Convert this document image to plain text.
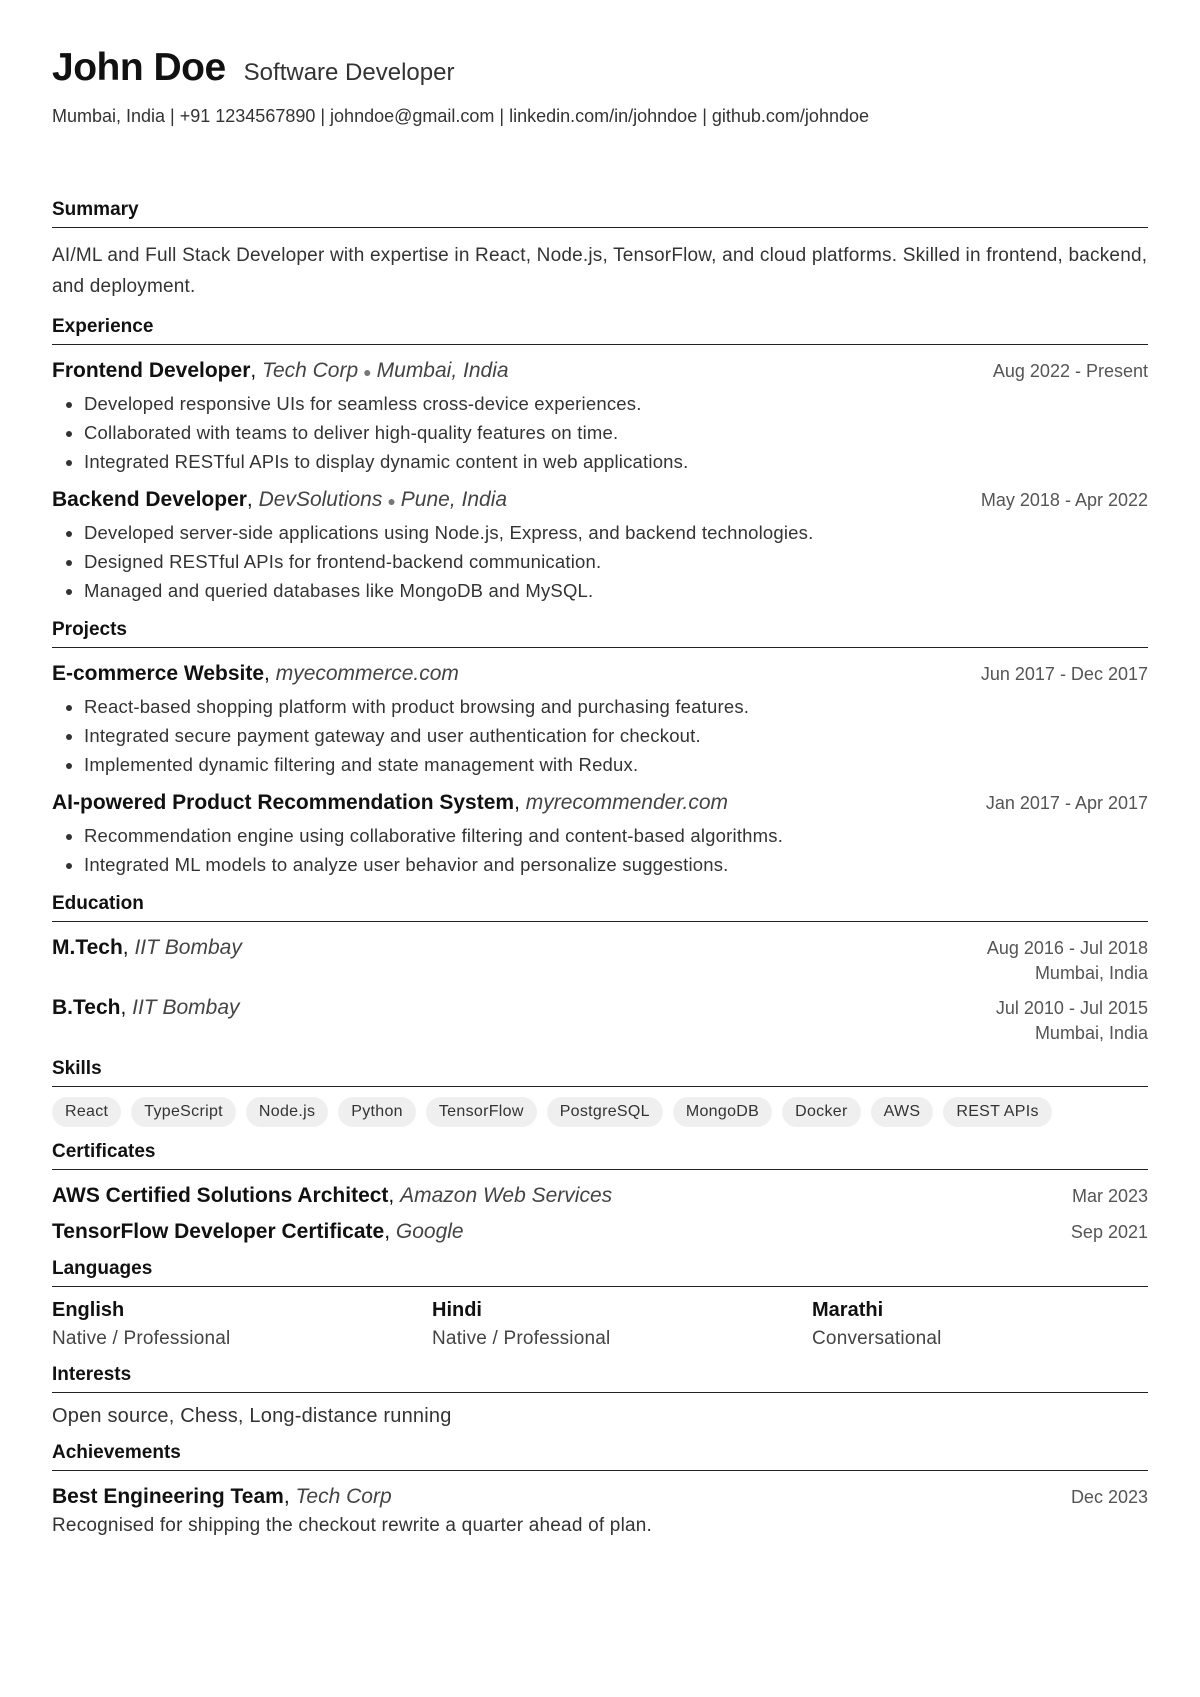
John Doe Software Developer
Mumbai, India | +91 1234567890 | johndoe@gmail.com | linkedin.com/in/johndoe | github.com/johndoe
Summary
AI/ML and Full Stack Developer with expertise in React, Node.js, TensorFlow, and cloud platforms. Skilled in frontend, backend, and deployment.
Experience
Frontend Developer, Tech Corp ● Mumbai, India	Aug 2022 - Present
• Developed responsive UIs for seamless cross-device experiences.
• Collaborated with teams to deliver high-quality features on time.
• Integrated RESTful APIs to display dynamic content in web applications.
Backend Developer, DevSolutions ● Pune, India	May 2018 - Apr 2022
• Developed server-side applications using Node.js, Express, and backend technologies.
• Designed RESTful APIs for frontend-backend communication.
• Managed and queried databases like MongoDB and MySQL.
Projects
E-commerce Website, myecommerce.com	Jun 2017 - Dec 2017
• React-based shopping platform with product browsing and purchasing features.
• Integrated secure payment gateway and user authentication for checkout.
• Implemented dynamic filtering and state management with Redux.
AI-powered Product Recommendation System, myrecommender.com	Jan 2017 - Apr 2017
• Recommendation engine using collaborative filtering and content-based algorithms.
• Integrated ML models to analyze user behavior and personalize suggestions.
Education
M.Tech, IIT Bombay	Aug 2016 - Jul 2018
Mumbai, India
B.Tech, IIT Bombay	Jul 2010 - Jul 2015
Mumbai, India
Skills
React	TypeScript	Node.js	Python	TensorFlow	PostgreSQL	MongoDB	Docker	AWS	REST APIs
Certificates
AWS Certified Solutions Architect, Amazon Web Services	Mar 2023
TensorFlow Developer Certificate, Google	Sep 2021
Languages
English
Native / Professional
Hindi
Native / Professional
Marathi
Conversational
Interests
Open source, Chess, Long-distance running
Achievements
Best Engineering Team, Tech Corp	Dec 2023
Recognised for shipping the checkout rewrite a quarter ahead of plan.
